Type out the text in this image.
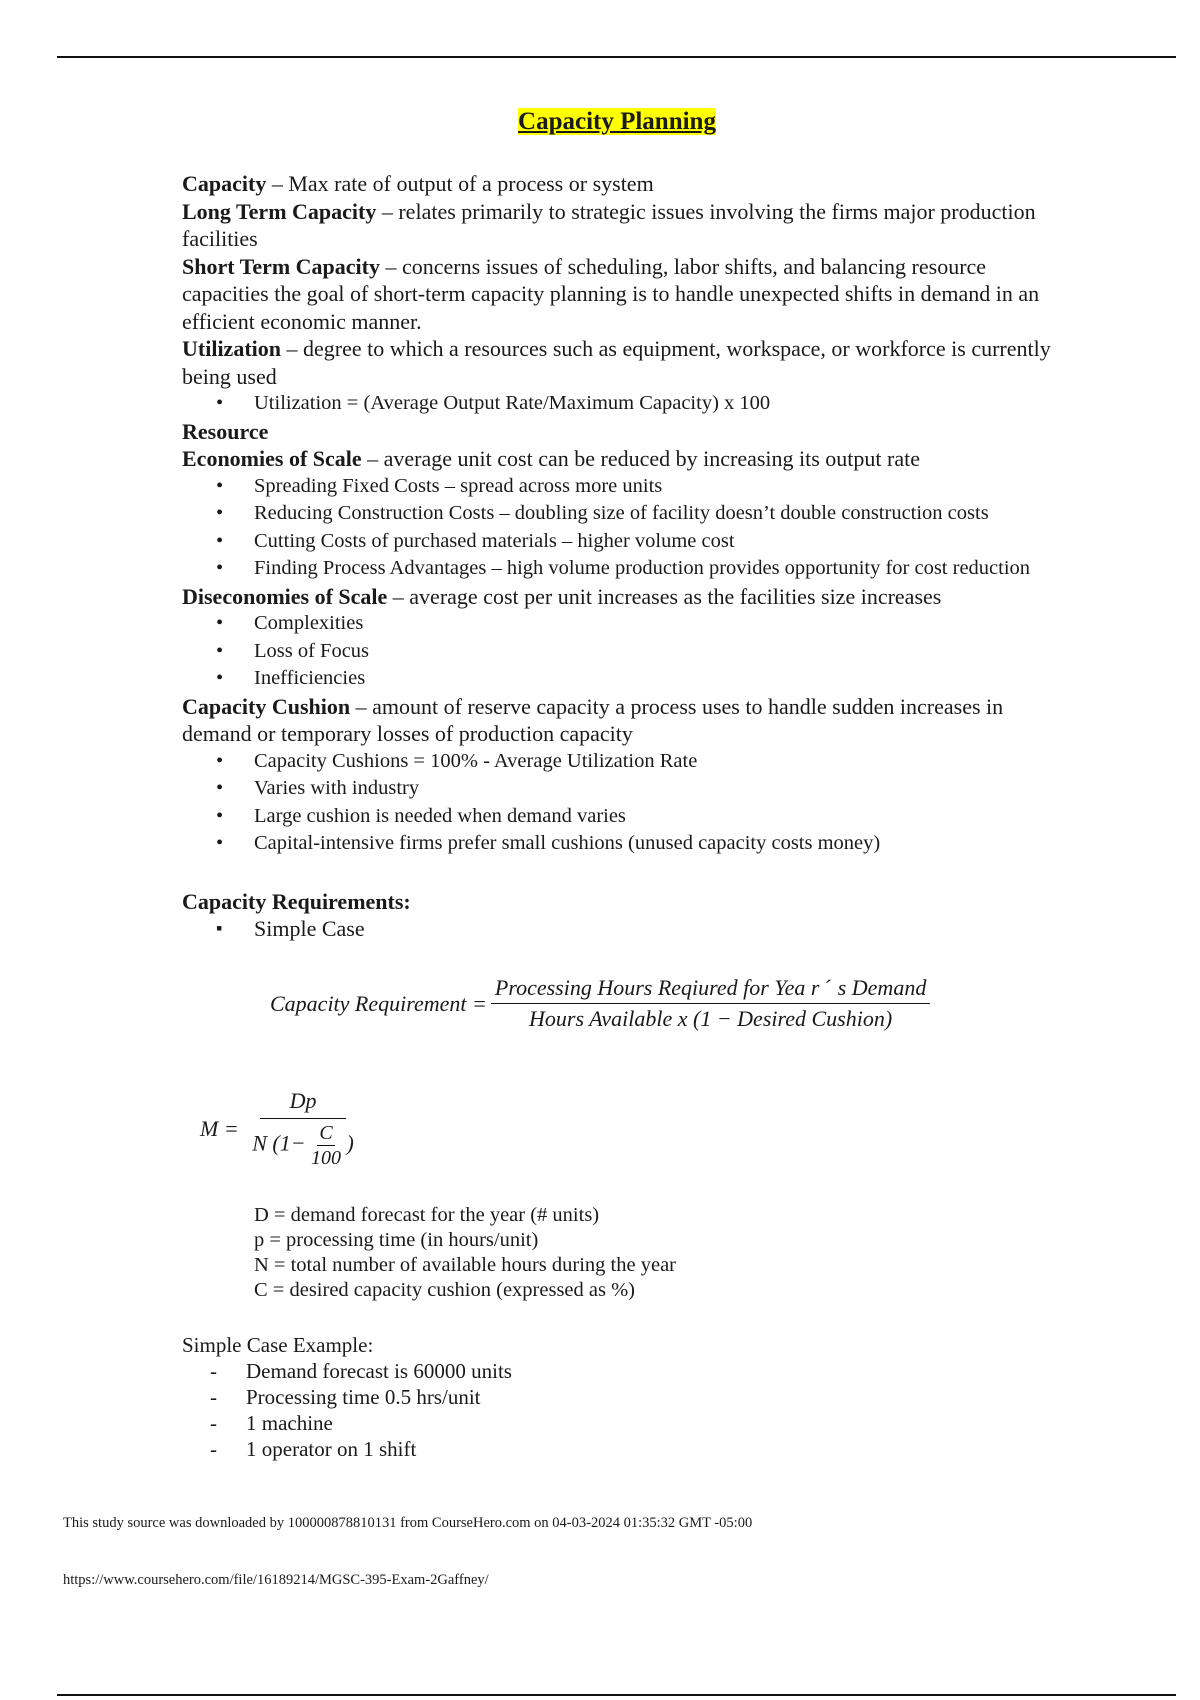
Capacity Planning

Capacity – Max rate of output of a process or system

Long Term Capacity – relates primarily to strategic issues involving the firms major production facilities

Short Term Capacity – concerns issues of scheduling, labor shifts, and balancing resource capacities the goal of short-term capacity planning is to handle unexpected shifts in demand in an efficient economic manner.

Utilization – degree to which a resources such as equipment, workspace, or workforce is currently being used

• Utilization = (Average Output Rate/Maximum Capacity) x 100

Resource

Economies of Scale – average unit cost can be reduced by increasing its output rate

• Spreading Fixed Costs – spread across more units
• Reducing Construction Costs – doubling size of facility doesn’t double construction costs
• Cutting Costs of purchased materials – higher volume cost
• Finding Process Advantages – high volume production provides opportunity for cost reduction

Diseconomies of Scale – average cost per unit increases as the facilities size increases

• Complexities
• Loss of Focus
• Inefficiencies

Capacity Cushion – amount of reserve capacity a process uses to handle sudden increases in demand or temporary losses of production capacity

• Capacity Cushions = 100% - Average Utilization Rate
• Varies with industry
• Large cushion is needed when demand varies
• Capital-intensive firms prefer small cushions (unused capacity costs money)

Capacity Requirements:

▪ Simple Case
Capacity Requirement = $\frac{\text{Processing Hours Reqiured for Yea r ˊ s Demand}}{\text{Hours Available x (1 − Desired Cushion)}}$
$M = \frac{Dp}{N (1- \frac{C}{100} )}$
D = demand forecast for the year (# units)
p = processing time (in hours/unit)
N = total number of available hours during the year
C = desired capacity cushion (expressed as %)
Simple Case Example:
- Demand forecast is 60000 units
- Processing time 0.5 hrs/unit
- 1 machine
- 1 operator on 1 shift
This study source was downloaded by 100000878810131 from CourseHero.com on 04-03-2024 01:35:32 GMT -05:00
https://www.coursehero.com/file/16189214/MGSC-395-Exam-2Gaffney/
